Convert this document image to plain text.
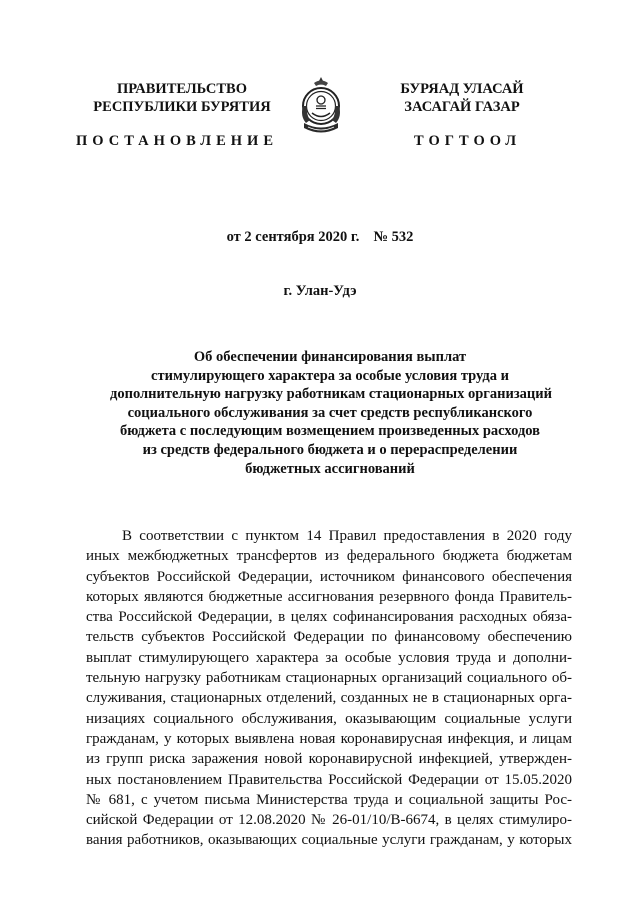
ПРАВИТЕЛЬСТВО
РЕСПУБЛИКИ БУРЯТИЯ
БУРЯАД УЛАСАЙ
ЗАСАГАЙ ГАЗАР
ПОСТАНОВЛЕНИЕ	ТОГТООЛ
от 2 сентября 2020 г. № 532
г. Улан-Удэ
Об обеспечении финансирования выплат
стимулирующего характера за особые условия труда и
дополнительную нагрузку работникам стационарных организаций
социального обслуживания за счет средств республиканского
бюджета с последующим возмещением произведенных расходов
из средств федерального бюджета и о перераспределении
бюджетных ассигнований
В соответствии с пунктом 14 Правил предоставления в 2020 году
иных межбюджетных трансфертов из федерального бюджета бюджетам
субъектов Российской Федерации, источником финансового обеспечения
которых являются бюджетные ассигнования резервного фонда Правитель-
ства Российской Федерации, в целях софинансирования расходных обяза-
тельств субъектов Российской Федерации по финансовому обеспечению
выплат стимулирующего характера за особые условия труда и дополни-
тельную нагрузку работникам стационарных организаций социального об-
служивания, стационарных отделений, созданных не в стационарных орга-
низациях социального обслуживания, оказывающим социальные услуги
гражданам, у которых выявлена новая коронавирусная инфекция, и лицам
из групп риска заражения новой коронавирусной инфекцией, утвержден-
ных постановлением Правительства Российской Федерации от 15.05.2020
№ 681, с учетом письма Министерства труда и социальной защиты Рос-
сийской Федерации от 12.08.2020 № 26-01/10/В-6674, в целях стимулиро-
вания работников, оказывающих социальные услуги гражданам, у которых
